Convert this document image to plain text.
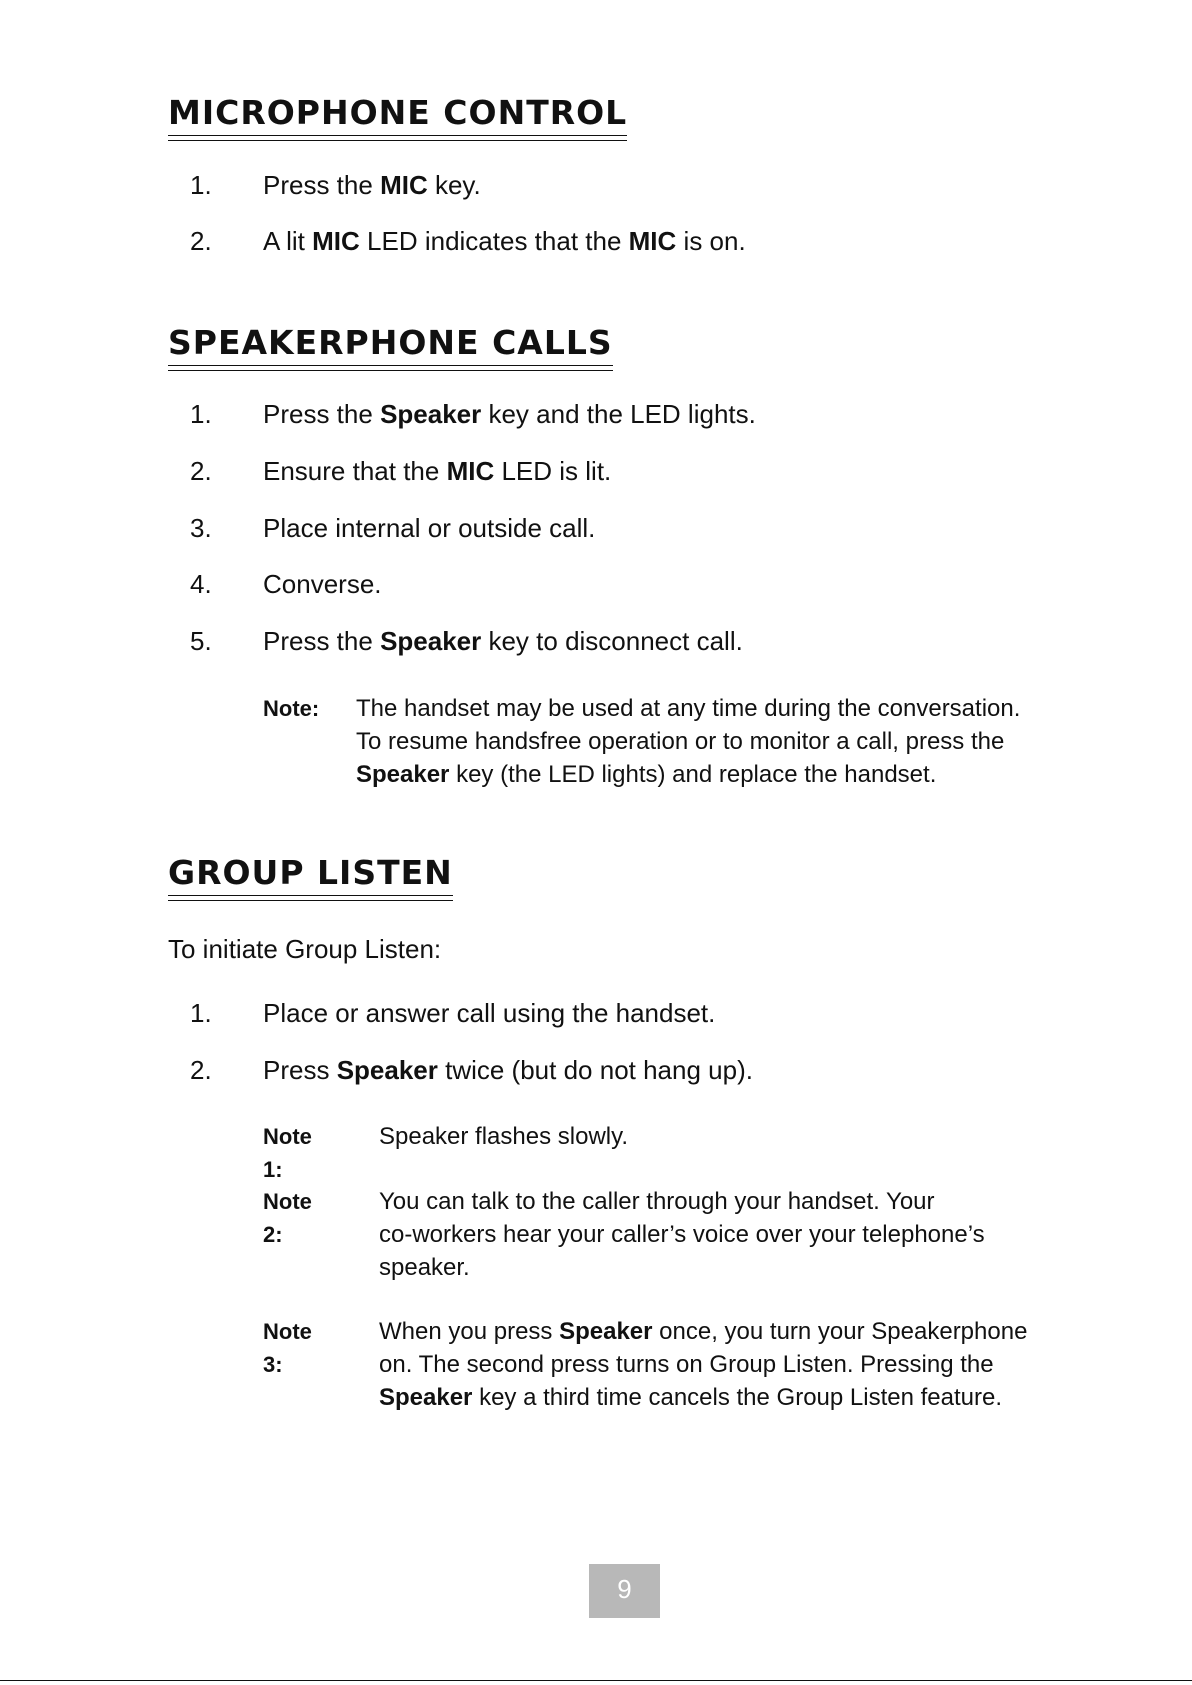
MICROPHONE CONTROL
1. Press the MIC key.
2. A lit MIC LED indicates that the MIC is on.
SPEAKERPHONE CALLS
1. Press the Speaker key and the LED lights.
2. Ensure that the MIC LED is lit.
3. Place internal or outside call.
4. Converse.
5. Press the Speaker key to disconnect call.
Note: The handset may be used at any time during the conversation.
To resume handsfree operation or to monitor a call, press the
Speaker key (the LED lights) and replace the handset.
GROUP LISTEN
To initiate Group Listen:
1. Place or answer call using the handset.
2. Press Speaker twice (but do not hang up).
Note 1:
Speaker flashes slowly.
Note 2:
You can talk to the caller through your handset. Your
co-workers hear your caller’s voice over your telephone’s
speaker.
Note 3:
When you press Speaker once, you turn your Speakerphone
on. The second press turns on Group Listen. Pressing the
Speaker key a third time cancels the Group Listen feature.
9
